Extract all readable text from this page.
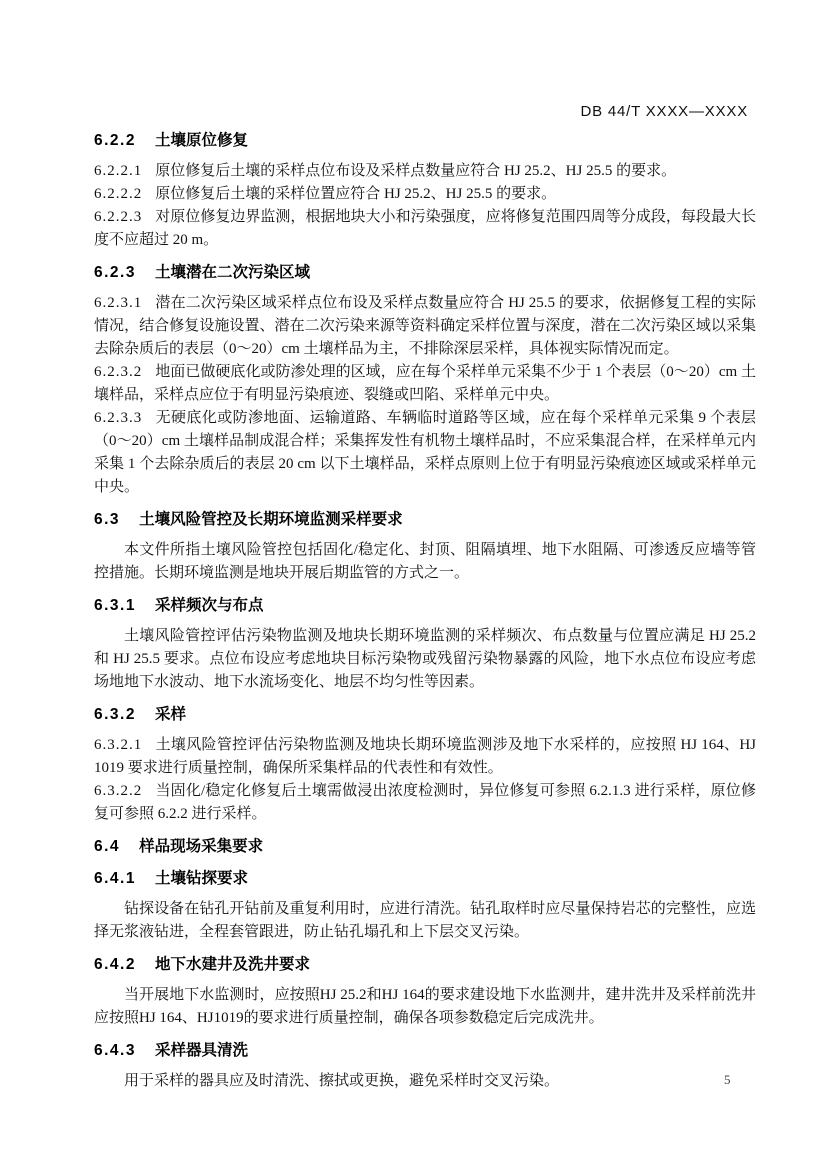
DB 44/T XXXX—XXXX
6.2.2 土壤原位修复

6.2.2.1 原位修复后土壤的采样点位布设及采样点数量应符合 HJ 25.2、HJ 25.5 的要求。

6.2.2.2 原位修复后土壤的采样位置应符合 HJ 25.2、HJ 25.5 的要求。

6.2.2.3 对原位修复边界监测，根据地块大小和污染强度，应将修复范围四周等分成段，每段最大长度不应超过 20 m。

6.2.3 土壤潜在二次污染区域

6.2.3.1 潜在二次污染区域采样点位布设及采样点数量应符合 HJ 25.5 的要求，依据修复工程的实际情况，结合修复设施设置、潜在二次污染来源等资料确定采样位置与深度，潜在二次污染区域以采集去除杂质后的表层（0～20）cm 土壤样品为主，不排除深层采样，具体视实际情况而定。

6.2.3.2 地面已做硬底化或防渗处理的区域，应在每个采样单元采集不少于 1 个表层（0～20）cm 土壤样品，采样点应位于有明显污染痕迹、裂缝或凹陷、采样单元中央。

6.2.3.3 无硬底化或防渗地面、运输道路、车辆临时道路等区域，应在每个采样单元采集 9 个表层（0～20）cm 土壤样品制成混合样；采集挥发性有机物土壤样品时，不应采集混合样，在采样单元内采集 1 个去除杂质后的表层 20 cm 以下土壤样品，采样点原则上位于有明显污染痕迹区域或采样单元中央。

6.3 土壤风险管控及长期环境监测采样要求

本文件所指土壤风险管控包括固化/稳定化、封顶、阻隔填埋、地下水阻隔、可渗透反应墙等管控措施。长期环境监测是地块开展后期监管的方式之一。

6.3.1 采样频次与布点

土壤风险管控评估污染物监测及地块长期环境监测的采样频次、布点数量与位置应满足 HJ 25.2 和 HJ 25.5 要求。点位布设应考虑地块目标污染物或残留污染物暴露的风险，地下水点位布设应考虑场地地下水波动、地下水流场变化、地层不均匀性等因素。

6.3.2 采样

6.3.2.1 土壤风险管控评估污染物监测及地块长期环境监测涉及地下水采样的，应按照 HJ 164、HJ 1019 要求进行质量控制，确保所采集样品的代表性和有效性。

6.3.2.2 当固化/稳定化修复后土壤需做浸出浓度检测时，异位修复可参照 6.2.1.3 进行采样，原位修复可参照 6.2.2 进行采样。

6.4 样品现场采集要求
6.4.1 土壤钻探要求

钻探设备在钻孔开钻前及重复利用时，应进行清洗。钻孔取样时应尽量保持岩芯的完整性，应选择无浆液钻进，全程套管跟进，防止钻孔塌孔和上下层交叉污染。

6.4.2 地下水建井及洗井要求

当开展地下水监测时，应按照HJ 25.2和HJ 164的要求建设地下水监测井，建井洗井及采样前洗井应按照HJ 164、HJ1019的要求进行质量控制，确保各项参数稳定后完成洗井。

6.4.3 采样器具清洗

用于采样的器具应及时清洗、擦拭或更换，避免采样时交叉污染。	5
